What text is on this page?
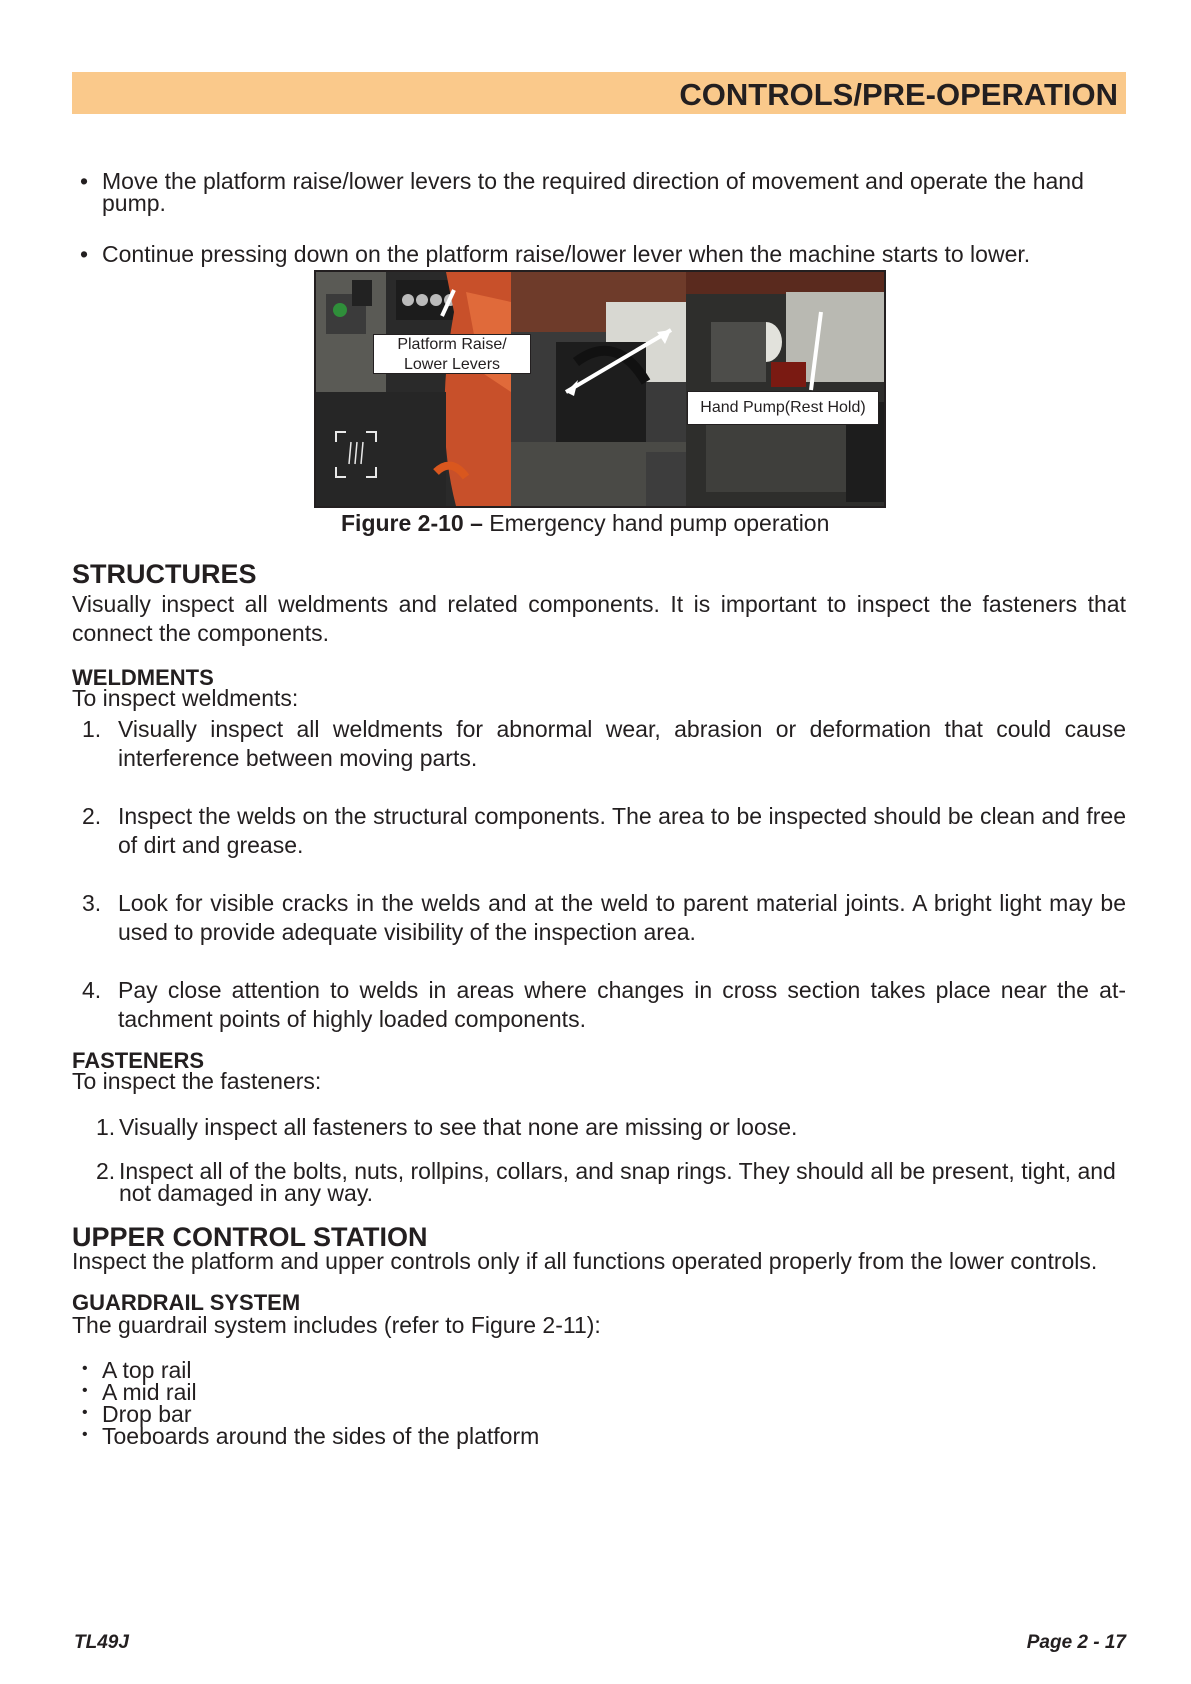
CONTROLS/PRE-OPERATION
• Move the platform raise/lower levers to the required direction of movement and operate the hand pump.
• Continue pressing down on the platform raise/lower lever when the machine starts to lower.
Platform Raise/
Lower Levers
Hand Pump(Rest Hold)
Figure 2-10 – Emergency hand pump operation
STRUCTURES
Visually inspect all weldments and related components. It is important to inspect the fasteners that connect the components.
WELDMENTS
To inspect weldments:
1. Visually inspect all weldments for abnormal wear, abrasion or deformation that could cause interference between moving parts.
2. Inspect the welds on the structural components. The area to be inspected should be clean and free of dirt and grease.
3. Look for visible cracks in the welds and at the weld to parent material joints. A bright light may be used to provide adequate visibility of the inspection area.
4. Pay close attention to welds in areas where changes in cross section takes place near the at-tachment points of highly loaded components.
FASTENERS
To inspect the fasteners:
1. Visually inspect all fasteners to see that none are missing or loose.
2. Inspect all of the bolts, nuts, rollpins, collars, and snap rings. They should all be present, tight, and not damaged in any way.
UPPER CONTROL STATION
Inspect the platform and upper controls only if all functions operated properly from the lower controls.
GUARDRAIL SYSTEM
The guardrail system includes (refer to Figure 2-11):
• A top rail
• A mid rail
• Drop bar
• Toeboards around the sides of the platform
TL49J	Page 2 - 17
